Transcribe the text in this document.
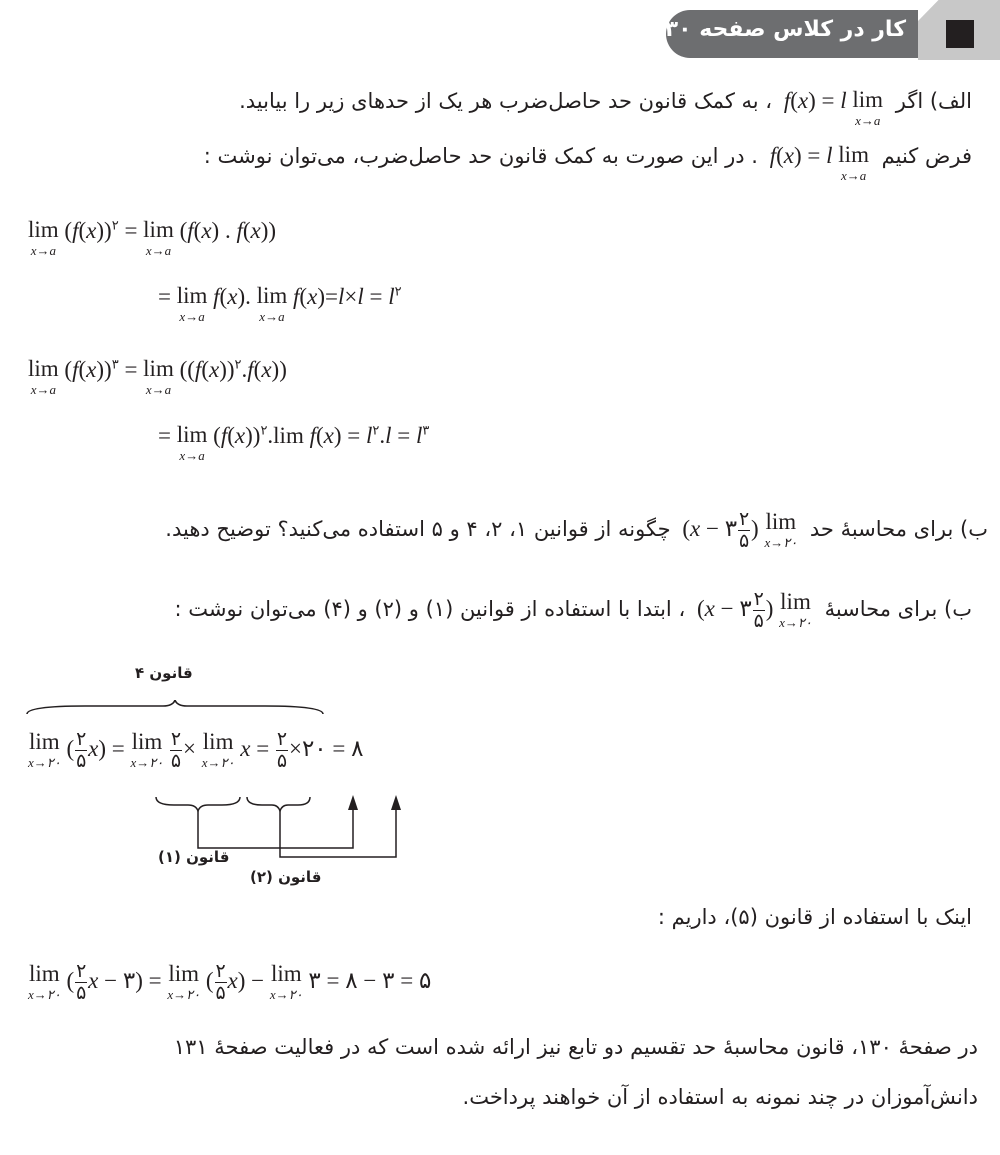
کار در کلاس صفحه ۱۳۰
الف) اگر
lim
x→a
f(x) = l ، به کمک قانون حد حاصل‌ضرب هر یک از حدهای زیر را بیابید.
فرض کنیم
lim
x→a
f(x) = l . در این صورت به کمک قانون حد حاصل‌ضرب، می‌توان نوشت :
lim
x→a
$(f(x))^۲ = \lim$
x→a
(f(x) . f(x))
= lim
x→a
f(x). lim
x→a
$f(x)=l\times l = l^۲$
lim
x→a
$(f(x))^۳ = \lim$
x→a
$((f(x))^۲.f(x))$
= lim
x→a
$(f(x))^۲.\lim$ $f(x) = l^۲.l = l^۳$
ب) برای محاسبهٔ حد
lim
x→۲۰
(
$\frac{۲}{۵}$
x − ۳) چگونه از قوانین ۱، ۲، ۴ و ۵ استفاده می‌کنید؟ توضیح دهید.
ب) برای محاسبهٔ
lim
x→۲۰
(
$\frac{۲}{۵}$
x − ۳) ، ابتدا با استفاده از قوانین (۱) و (۲) و (۴) می‌توان نوشت :
قانون ۴
lim
x→۲۰
( $\frac{۲}{۵} x) = \lim$
x→۲۰
$\frac{۲}{۵} \times \lim$
x→۲۰
$x = \frac{۲}{۵}$ ×۲۰ = ۸
قانون (۱)
قانون (۲)
اینک با استفاده از قانون (۵)، داریم :
lim
x→۲۰
( $\frac{۲}{۵}$ x − ۳) = lim
x→۲۰
( $\frac{۲}{۵} x) - \lim$
x→۲۰
۳ = ۸ − ۳ = ۵
در صفحهٔ ۱۳۰، قانون محاسبهٔ حد تقسیم دو تابع نیز ارائه شده است که در فعالیت صفحهٔ ۱۳۱
دانش‌آموزان در چند نمونه به استفاده از آن خواهند پرداخت.
